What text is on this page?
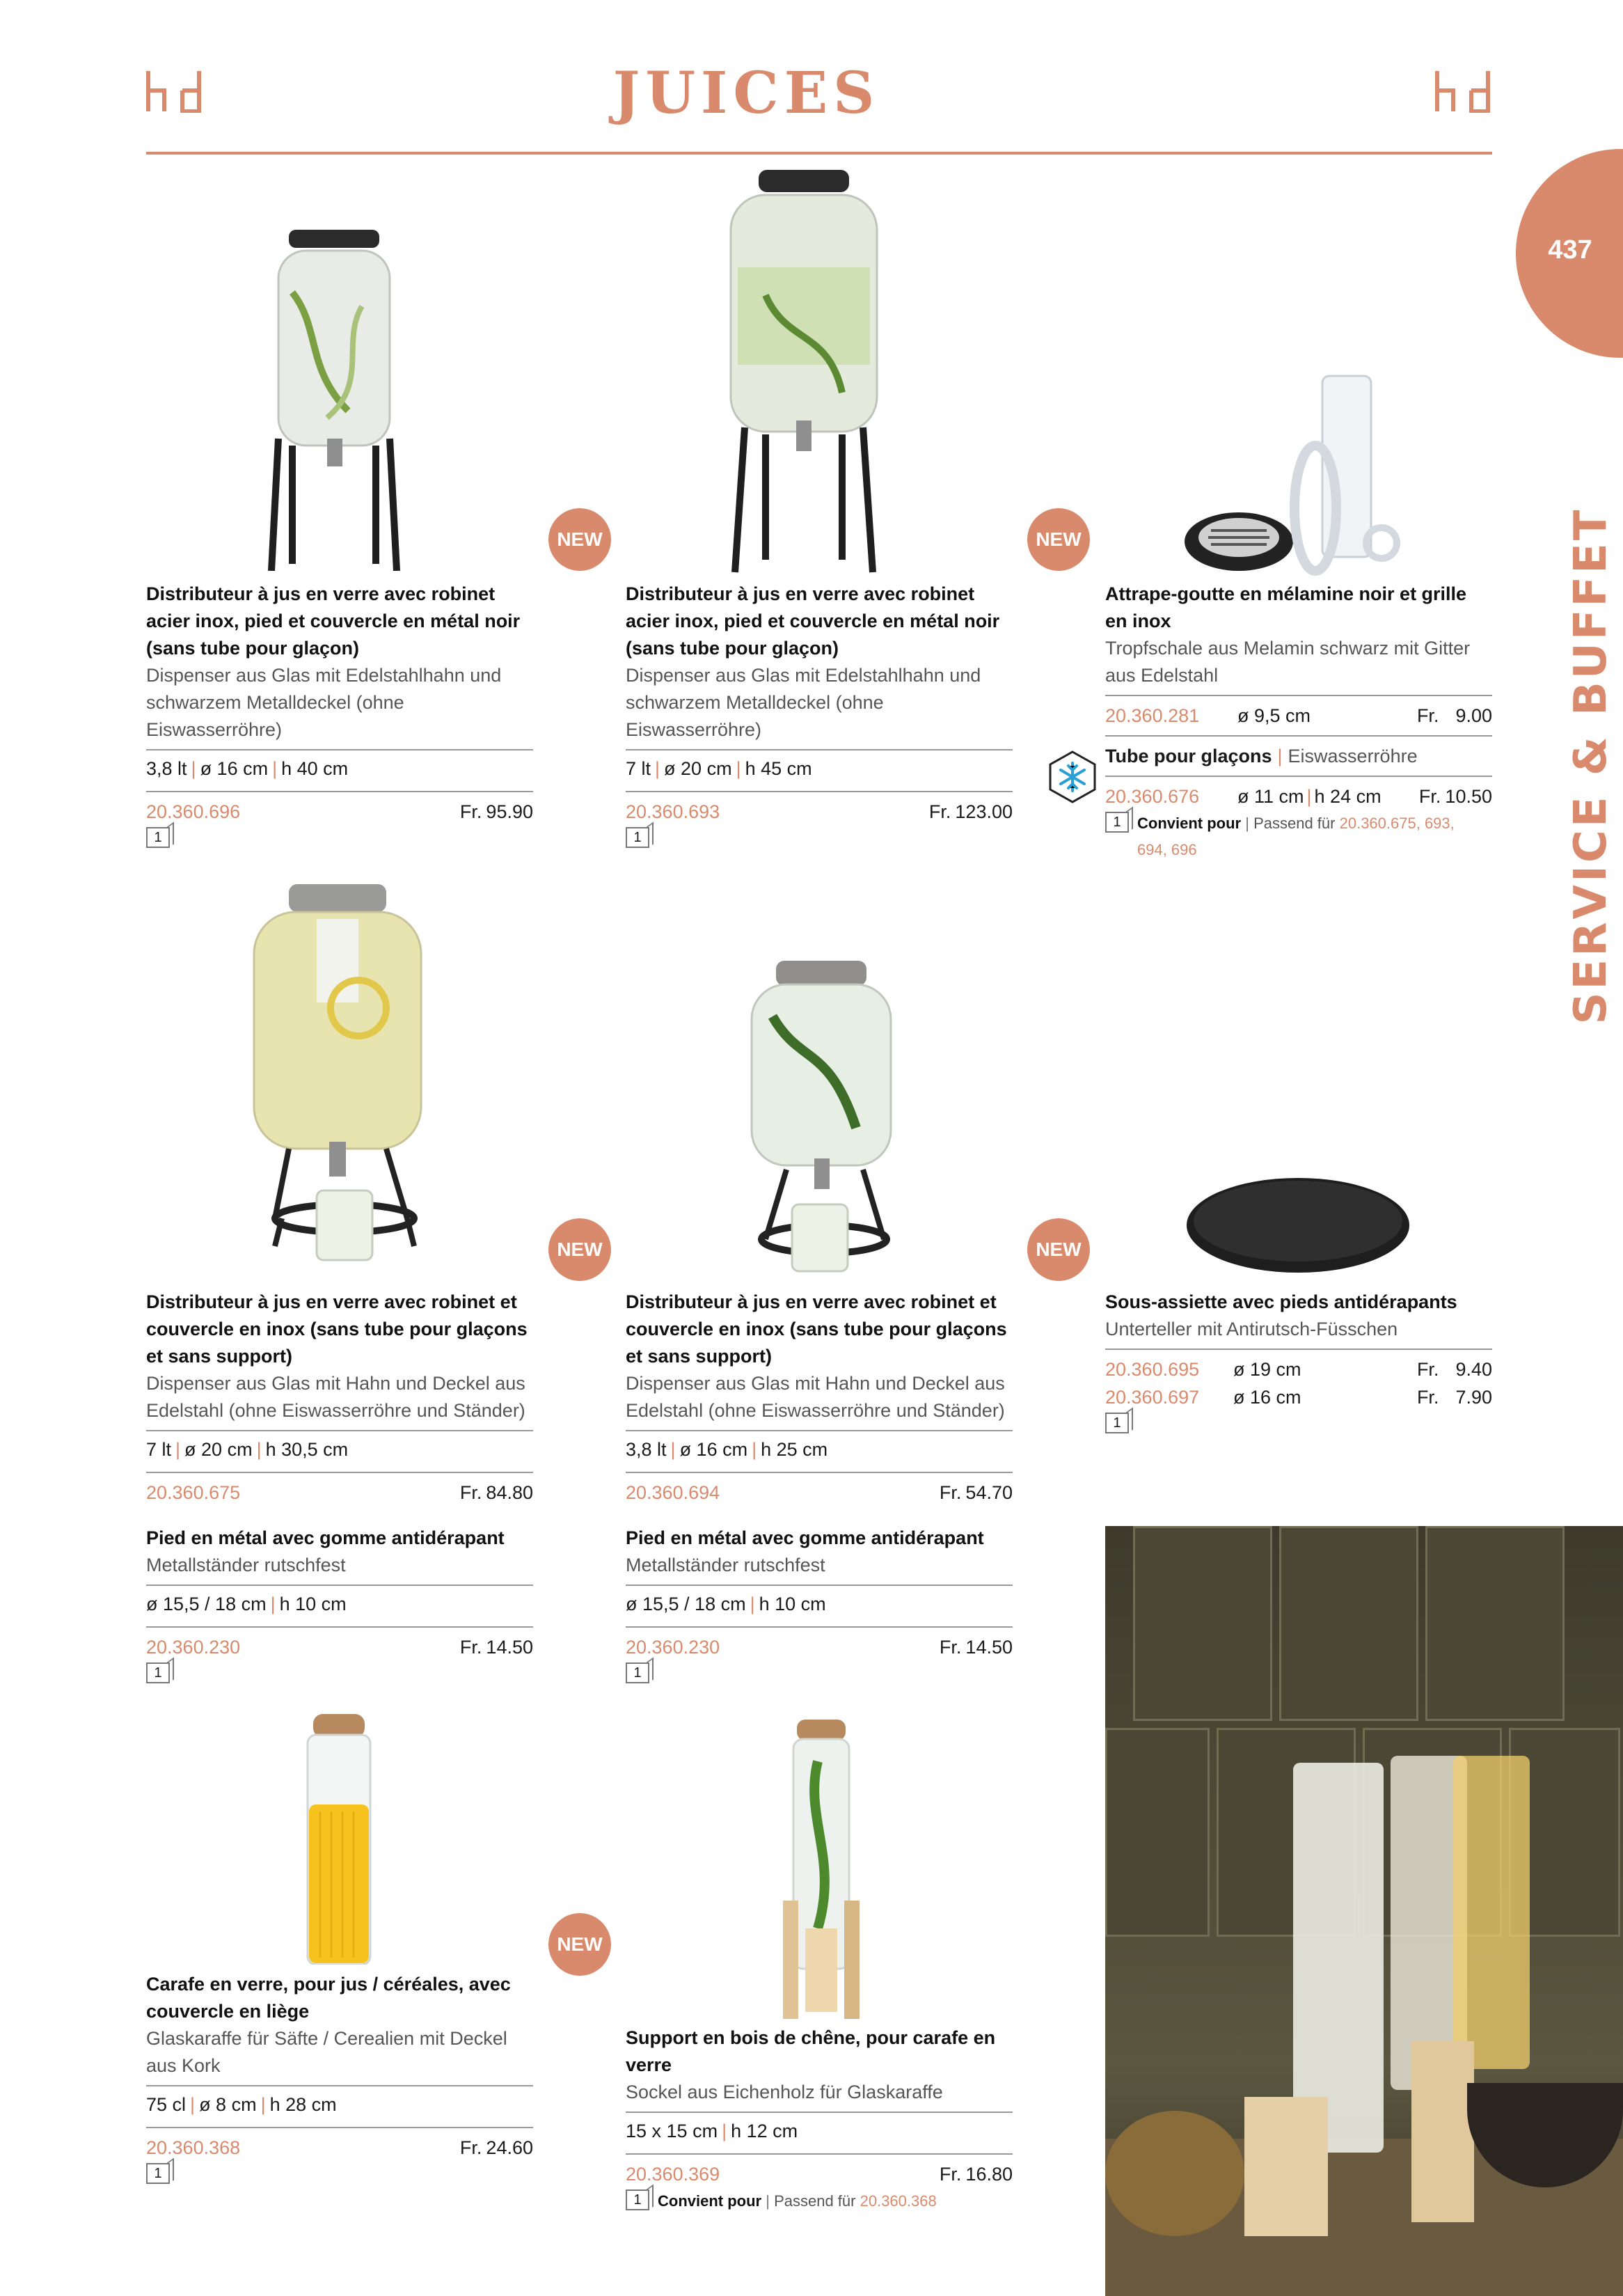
JUICES
437
SERVICE & BUFFET
NEW	NEW
Distributeur à jus en verre avec robinet acier inox, pied et couvercle en métal noir (sans tube pour glaçon)
Dispenser aus Glas mit Edelstahlhahn und schwarzem Metalldeckel (ohne Eiswasserröhre)
3,8 lt | ø 16 cm | h 40 cm
20.360.696	Fr. 95.90
1
Distributeur à jus en verre avec robinet acier inox, pied et couvercle en métal noir (sans tube pour glaçon)
Dispenser aus Glas mit Edelstahlhahn und schwarzem Metalldeckel (ohne Eiswasserröhre)
7 lt | ø 20 cm | h 45 cm
20.360.693	Fr. 123.00
1
Attrape-goutte en mélamine noir et grille en inox
Tropfschale aus Melamin schwarz mit Gitter aus Edelstahl
20.360.281	ø 9,5 cm	Fr. 9.00
Tube pour glaçons | Eiswasserröhre
20.360.676	ø 11 cm | h 24 cm	Fr. 10.50
1	Convient pour | Passend für 20.360.675, 693,
694, 696
NEW	NEW
Distributeur à jus en verre avec robinet et couvercle en inox (sans tube pour glaçons et sans support)
Dispenser aus Glas mit Hahn und Deckel aus Edelstahl (ohne Eiswasserröhre und Ständer)
7 lt | ø 20 cm | h 30,5 cm
20.360.675	Fr. 84.80
Pied en métal avec gomme antidérapant
Metallständer rutschfest
ø 15,5 / 18 cm | h 10 cm
20.360.230	Fr. 14.50
1
Distributeur à jus en verre avec robinet et couvercle en inox (sans tube pour glaçons et sans support)
Dispenser aus Glas mit Hahn und Deckel aus Edelstahl (ohne Eiswasserröhre und Ständer)
3,8 lt | ø 16 cm | h 25 cm
20.360.694	Fr. 54.70
Pied en métal avec gomme antidérapant
Metallständer rutschfest
ø 15,5 / 18 cm | h 10 cm
20.360.230	Fr. 14.50
1
Sous-assiette avec pieds antidérapants
Unterteller mit Antirutsch-Füsschen
20.360.695	ø 19 cm	Fr. 9.40
20.360.697	ø 16 cm	Fr. 7.90
1
NEW
Carafe en verre, pour jus / céréales, avec couvercle en liège
Glaskaraffe für Säfte / Cerealien mit Deckel aus Kork
75 cl | ø 8 cm | h 28 cm
20.360.368	Fr. 24.60
1
Support en bois de chêne, pour carafe en verre
Sockel aus Eichenholz für Glaskaraffe
15 x 15 cm | h 12 cm
20.360.369	Fr. 16.80
1	Convient pour | Passend für 20.360.368
